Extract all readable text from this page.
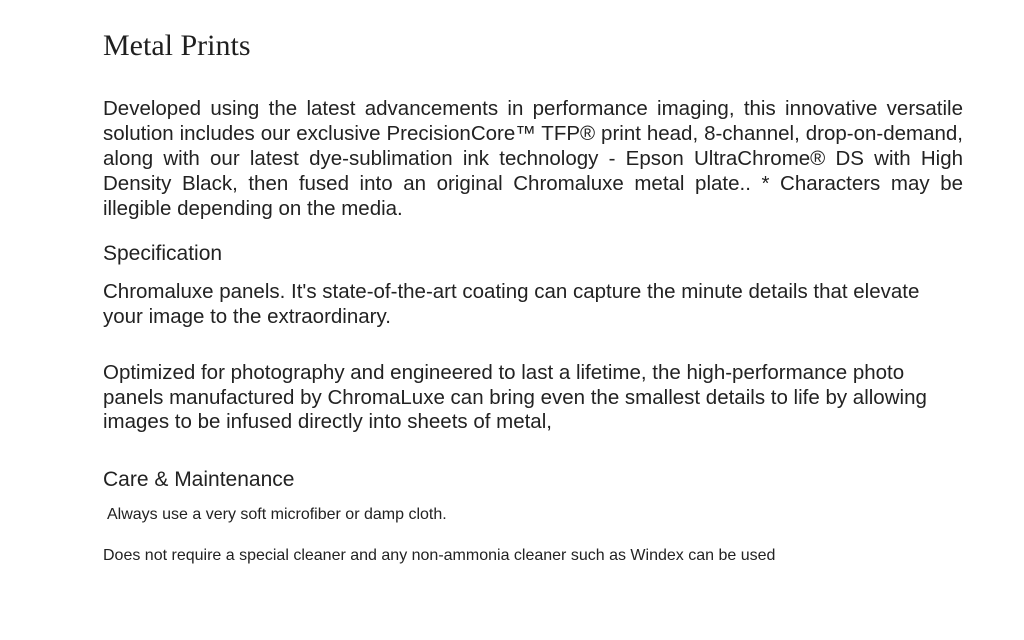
Metal Prints

Developed using the latest advancements in performance imaging, this innovative versatile solution includes our exclusive PrecisionCore™ TFP® print head, 8-channel, drop-on-demand, along with our latest dye-sublimation ink technology - Epson UltraChrome® DS with High Density Black, then fused into an original Chromaluxe metal plate.. * Characters may be illegible depending on the media.

Specification

Chromaluxe panels. It's state-of-the-art coating can capture the minute details that elevate your image to the extraordinary.

Optimized for photography and engineered to last a lifetime, the high-performance photo panels manufactured by ChromaLuxe can bring even the smallest details to life by allowing images to be infused directly into sheets of metal,

Care & Maintenance

Always use a very soft microfiber or damp cloth.

Does not require a special cleaner and any non-ammonia cleaner such as Windex can be used
